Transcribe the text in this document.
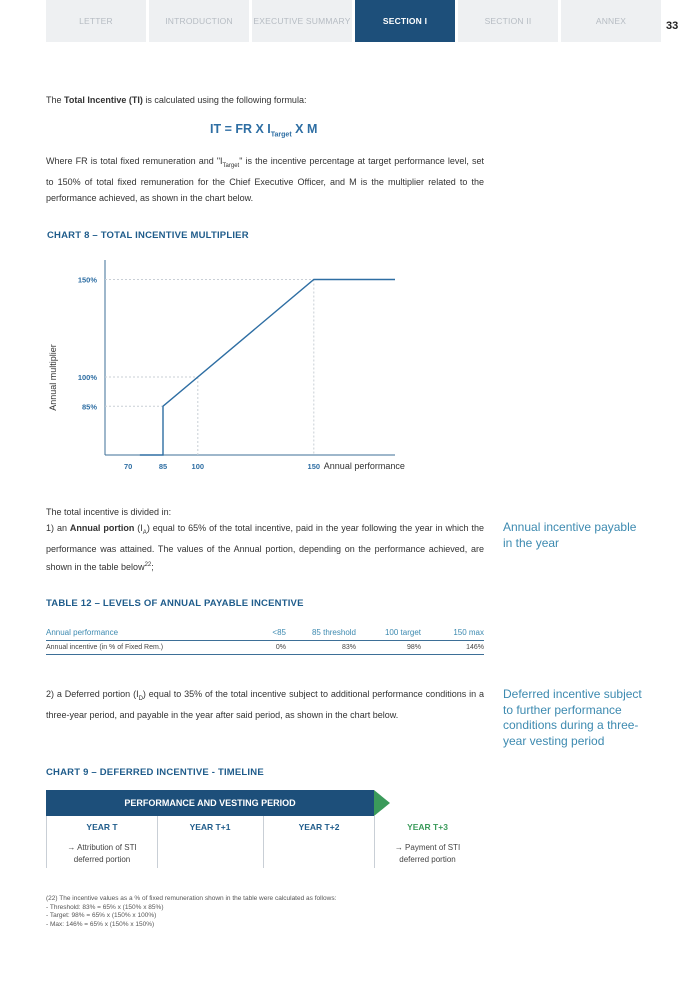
LETTER	INTRODUCTION	EXECUTIVE SUMMARY	SECTION I	SECTION II	ANNEX	33
The Total Incentive (TI) is calculated using the following formula:
IT = FR X $I_{Target}$ X M
Where FR is total fixed remuneration and "$I_{Target}$" is the incentive percentage at target performance level, set to 150% of total fixed remuneration for the Chief Executive Officer, and M is the multiplier related to the performance achieved, as shown in the chart below.
CHART 8 – TOTAL INCENTIVE MULTIPLIER
150%
100%
85%
70	85	100	150 Annual performance
Annual multiplier
The total incentive is divided in:
1) an Annual portion $(I_A)$ equal to 65% of the total incentive, paid in the year following the year in which the performance was attained. The values of the Annual portion, depending on the performance achieved, are shown in the table below$^{22}$;
Annual incentive payable in the year
TABLE 12 – LEVELS OF ANNUAL PAYABLE INCENTIVE
Annual performance	<85	85 threshold	100 target	150 max
Annual incentive (in % of Fixed Rem.)	0%	83%	98%	146%
2) a Deferred portion $(I_D)$ equal to 35% of the total incentive subject to additional performance conditions in a three-year period, and payable in the year after said period, as shown in the chart below.
Deferred incentive subject to further performance conditions during a three-year vesting period
CHART 9 – DEFERRED INCENTIVE - TIMELINE
PERFORMANCE AND VESTING PERIOD
YEAR T
→ Attribution of STI deferred portion
YEAR T+1	YEAR T+2	YEAR T+3
→ Payment of STI deferred portion
(22) The incentive values as a % of fixed remuneration shown in the table were calculated as follows:
- Threshold: 83% = 65% x (150% x 85%)
- Target: 98% = 65% x (150% x 100%)
- Max: 146% = 65% x (150% x 150%)
